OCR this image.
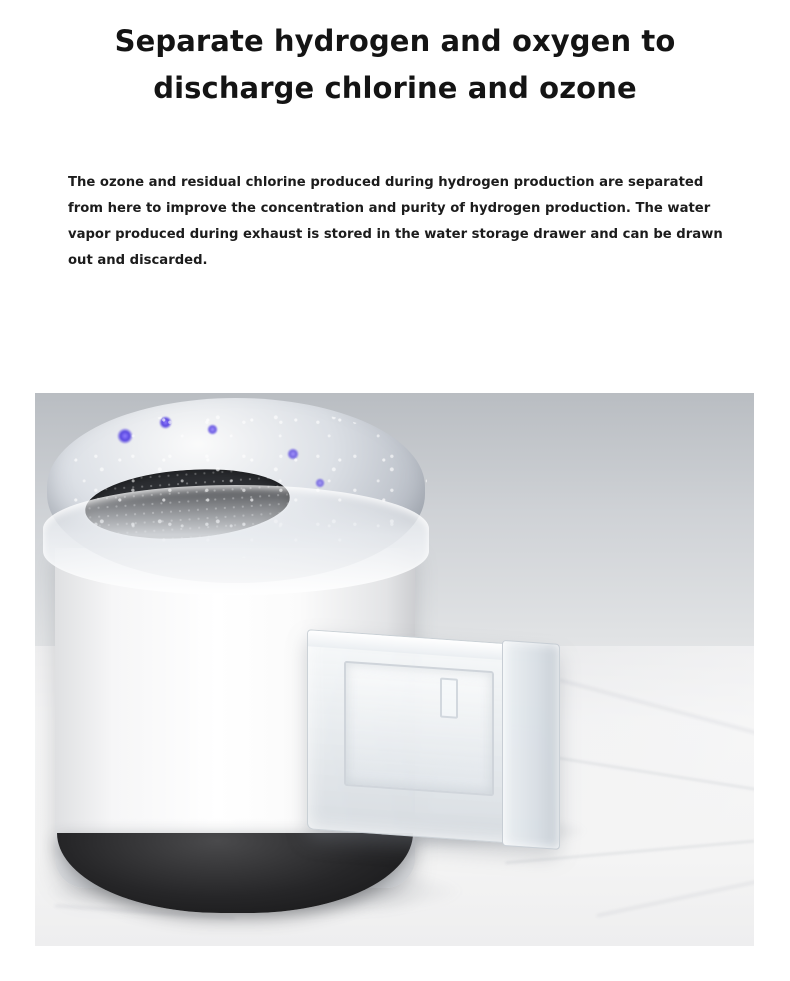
Separate hydrogen and oxygen to
discharge chlorine and ozone

The ozone and residual chlorine produced during hydrogen production are separated from here to improve the concentration and purity of hydrogen production. The water vapor produced during exhaust is stored in the water storage drawer and can be drawn out and discarded.
